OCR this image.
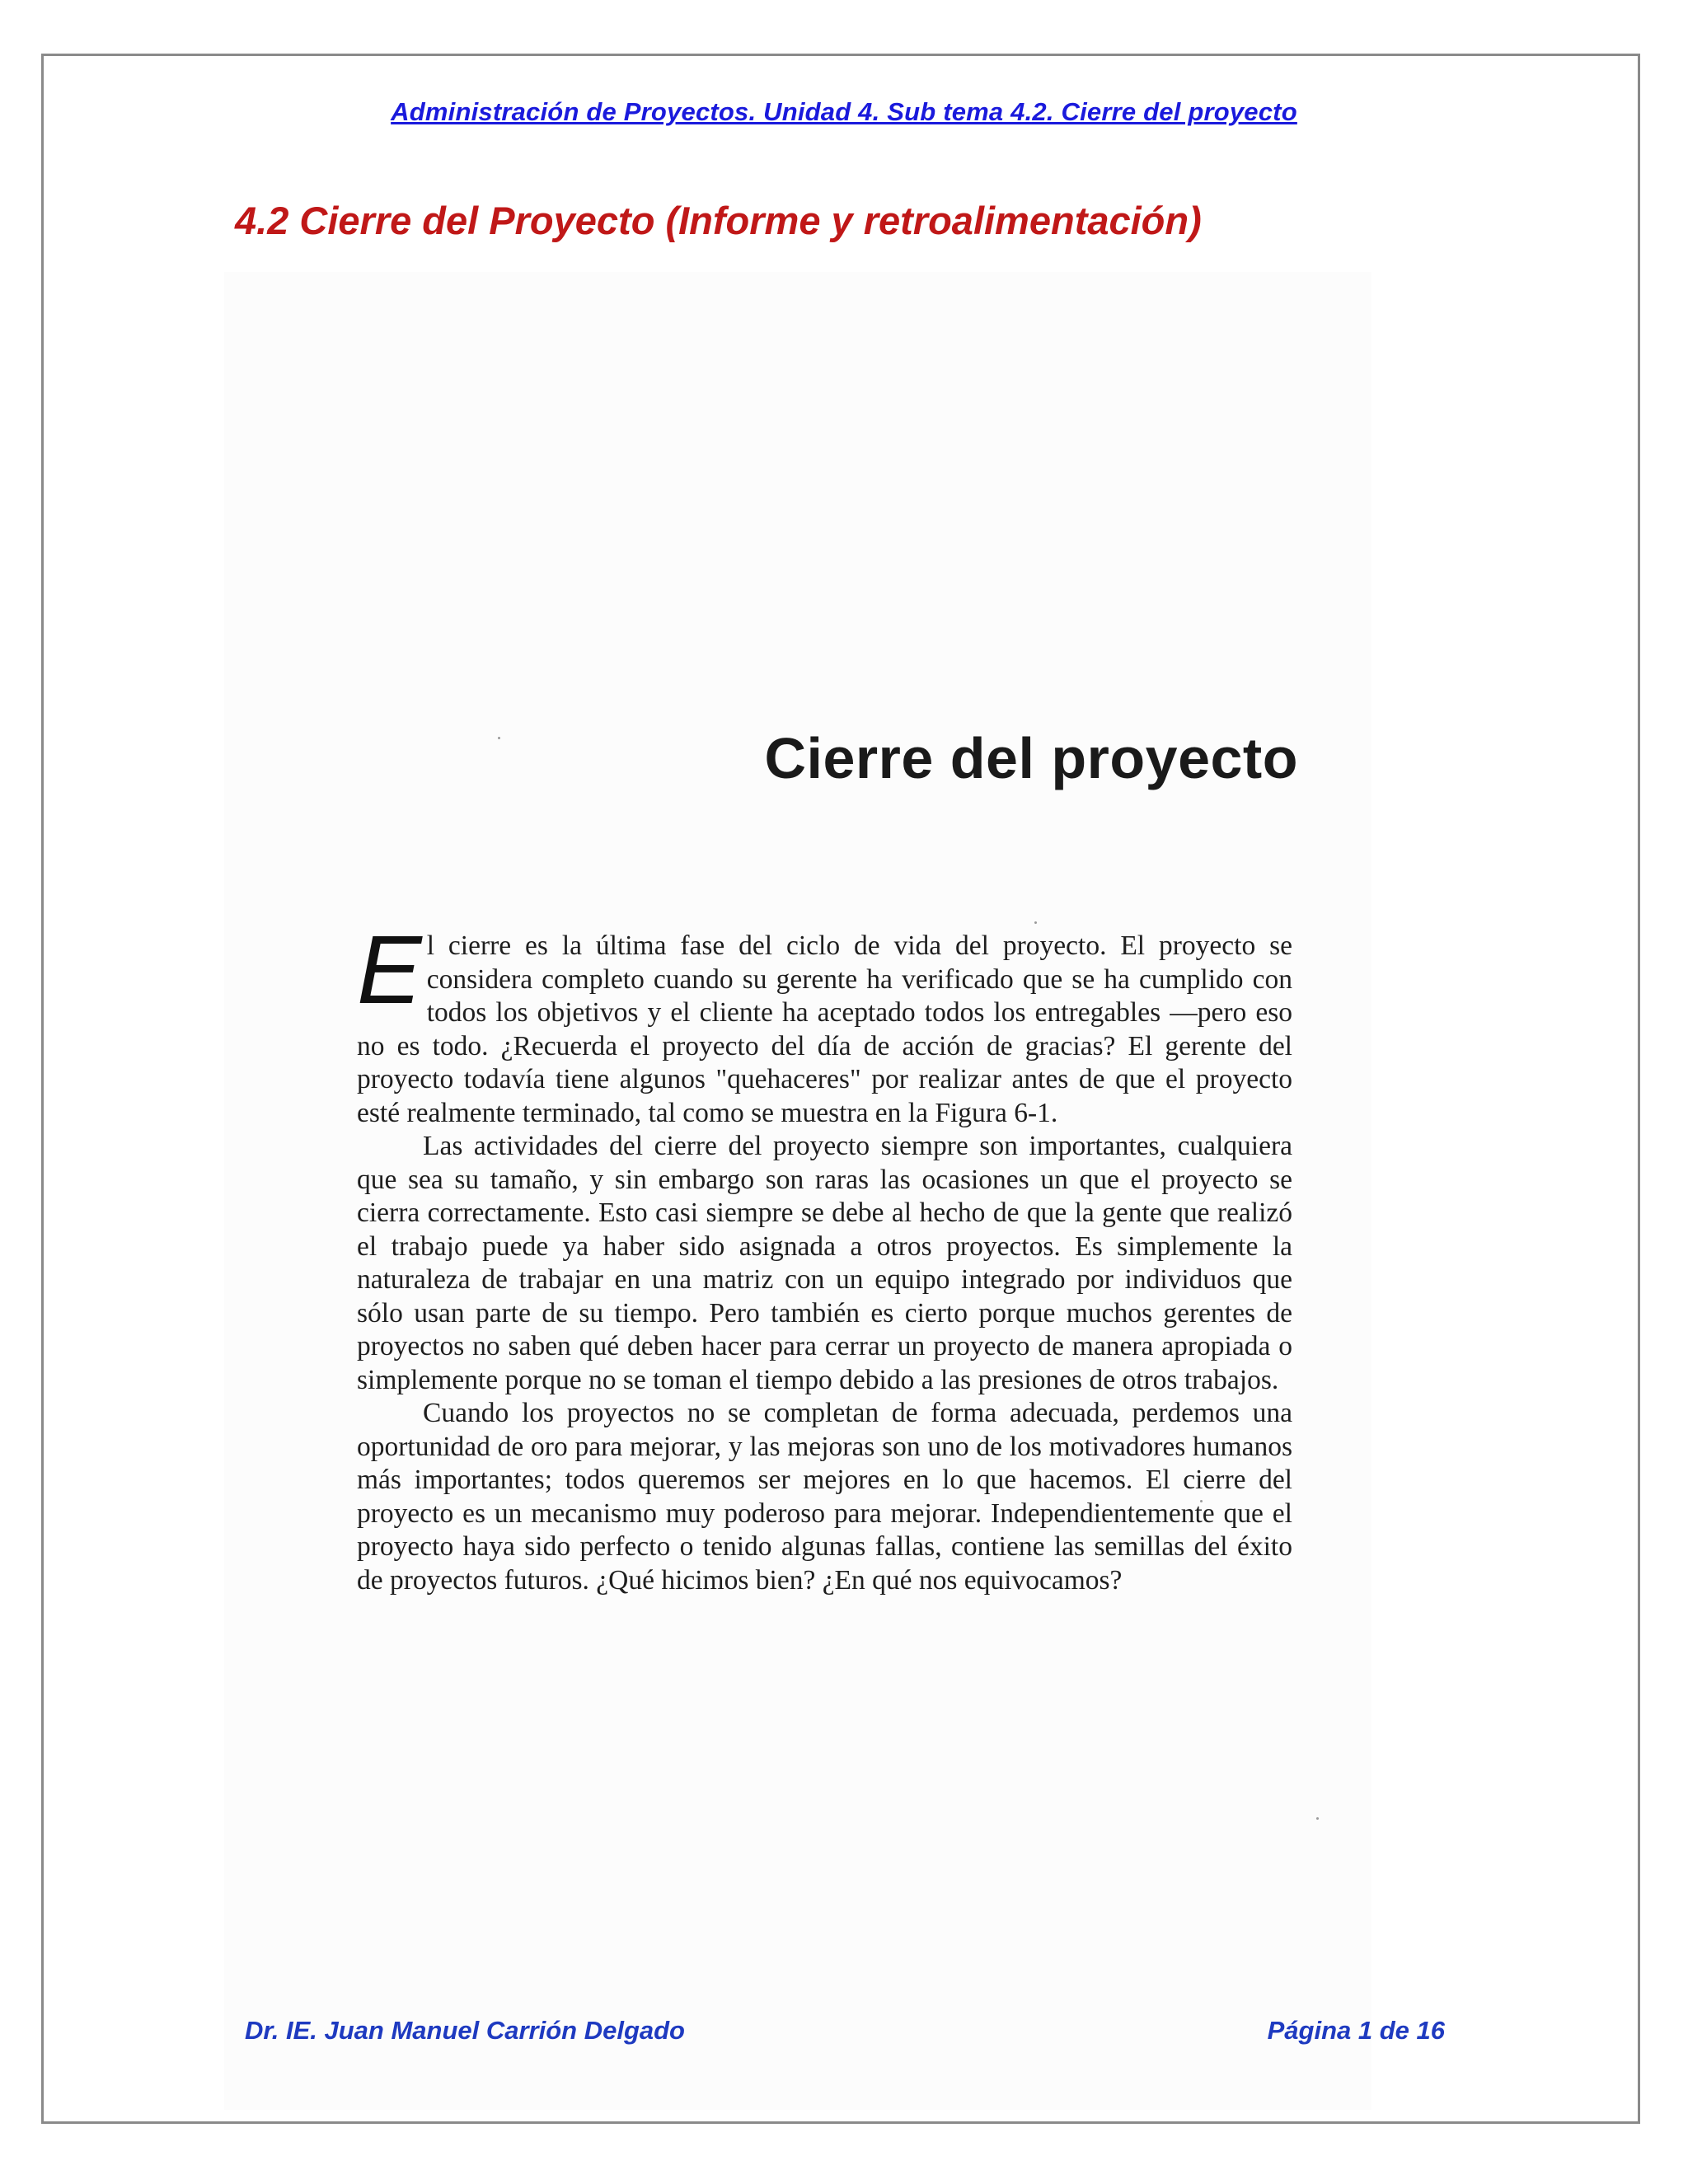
Administración de Proyectos. Unidad 4. Sub tema 4.2. Cierre del proyecto
4.2 Cierre del Proyecto (Informe y retroalimentación)
Cierre del proyecto

El cierre es la última fase del ciclo de vida del proyecto. El proyecto se considera completo cuando su gerente ha verificado que se ha cumplido con todos los objetivos y el cliente ha aceptado todos los entregables —pero eso no es todo. ¿Recuerda el proyecto del día de acción de gracias? El gerente del proyecto todavía tiene algunos "quehaceres" por realizar antes de que el proyecto esté realmente terminado, tal como se muestra en la Figura 6-1.

Las actividades del cierre del proyecto siempre son importantes, cualquiera que sea su tamaño, y sin embargo son raras las ocasiones un que el proyecto se cierra correctamente. Esto casi siempre se debe al hecho de que la gente que realizó el trabajo puede ya haber sido asignada a otros proyectos. Es simplemente la naturaleza de trabajar en una matriz con un equipo integrado por individuos que sólo usan parte de su tiempo. Pero también es cierto porque muchos gerentes de proyectos no saben qué deben hacer para cerrar un proyecto de manera apropiada o simplemente porque no se toman el tiempo debido a las presiones de otros trabajos.

Cuando los proyectos no se completan de forma adecuada, perdemos una oportunidad de oro para mejorar, y las mejoras son uno de los motivadores humanos más importantes; todos queremos ser mejores en lo que hacemos. El cierre del proyecto es un mecanismo muy poderoso para mejorar. Independientemente que el proyecto haya sido perfecto o tenido algunas fallas, contiene las semillas del éxito de proyectos futuros. ¿Qué hicimos bien? ¿En qué nos equivocamos?

Dr. IE. Juan Manuel Carrión Delgado	Página 1 de 16
